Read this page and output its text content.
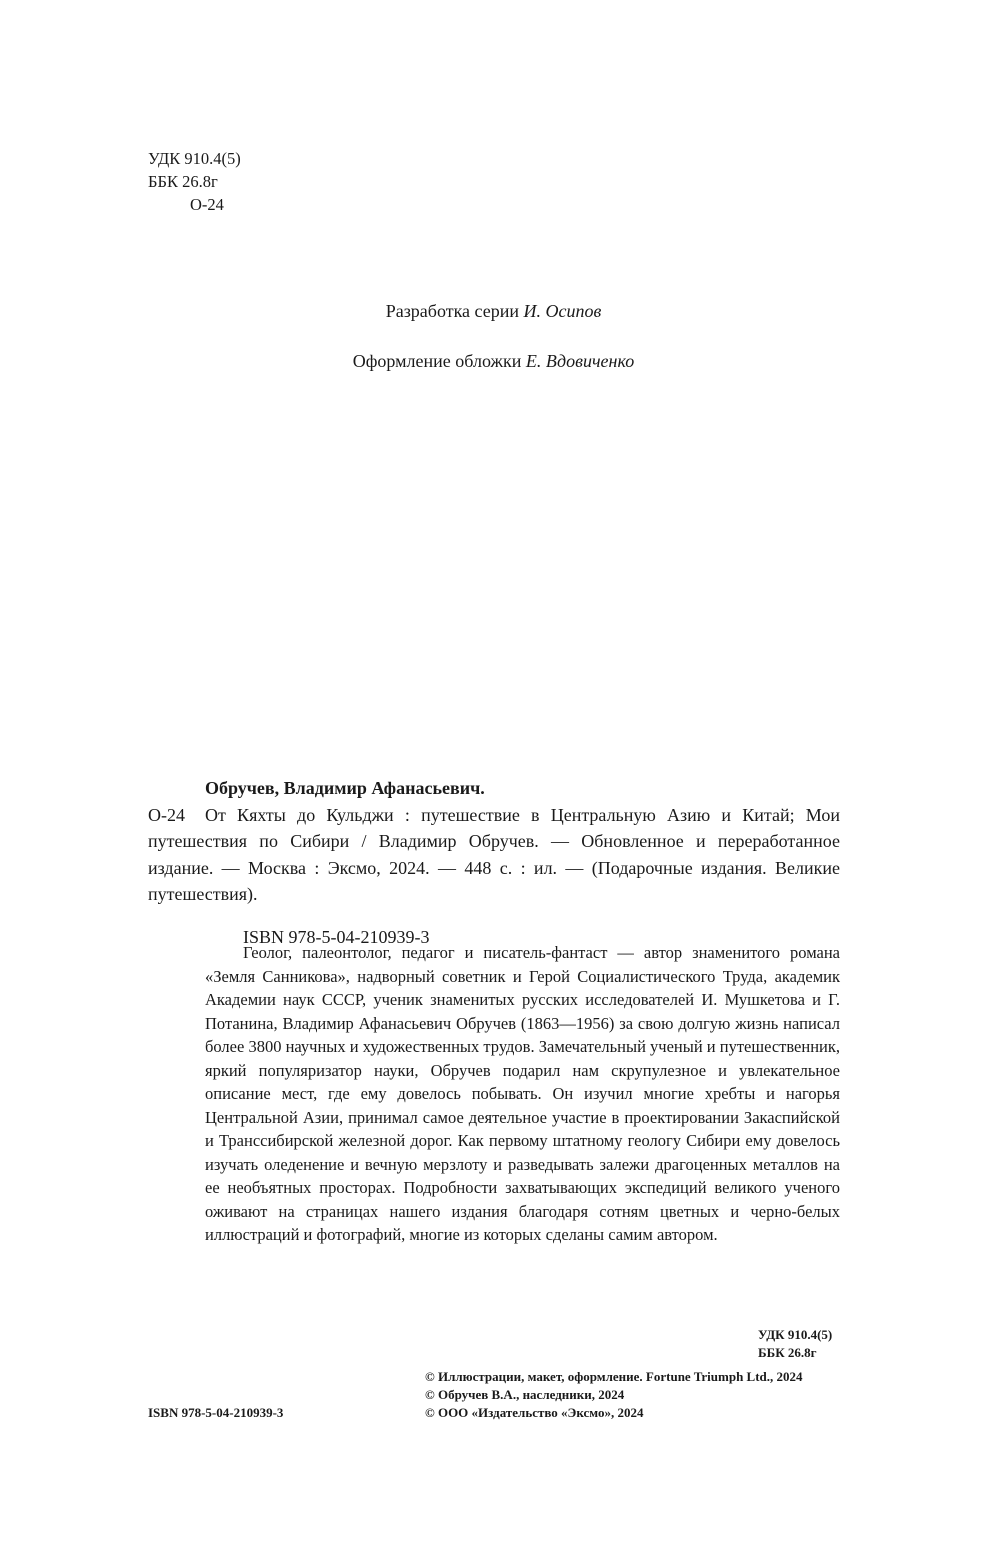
УДК 910.4(5)
ББК 26.8г
О-24
Разработка серии И. Осипов
Оформление обложки Е. Вдовиченко
Обручев, Владимир Афанасьевич.
О-24 От Кяхты до Кульджи : путешествие в Центральную Азию и Китай; Мои путешествия по Сибири / Владимир Обручев. — Обновленное и переработанное издание. — Москва : Эксмо, 2024. — 448 с. : ил. — (Подарочные издания. Великие путешествия).
ISBN 978-5-04-210939-3
Геолог, палеонтолог, педагог и писатель-фантаст — автор знаменитого романа «Земля Санникова», надворный советник и Герой Социалистического Труда, академик Академии наук СССР, ученик знаменитых русских исследователей И. Мушкетова и Г. Потанина, Владимир Афанасьевич Обручев (1863—1956) за свою долгую жизнь написал более 3800 научных и художественных трудов. Замечательный ученый и путешественник, яркий популяризатор науки, Обручев подарил нам скрупулезное и увлекательное описание мест, где ему довелось побывать. Он изучил многие хребты и нагорья Центральной Азии, принимал самое деятельное участие в проектировании Закаспийской и Транссибирской железной дорог. Как первому штатному геологу Сибири ему довелось изучать оледенение и вечную мерзлоту и разведывать залежи драгоценных металлов на ее необъятных просторах. Подробности захватывающих экспедиций великого ученого оживают на страницах нашего издания благодаря сотням цветных и черно-белых иллюстраций и фотографий, многие из которых сделаны самим автором.
УДК 910.4(5)
ББК 26.8г
© Иллюстрации, макет, оформление. Fortune Triumph Ltd., 2024
© Обручев В.А., наследники, 2024
© ООО «Издательство «Эксмо», 2024
ISBN 978-5-04-210939-3
